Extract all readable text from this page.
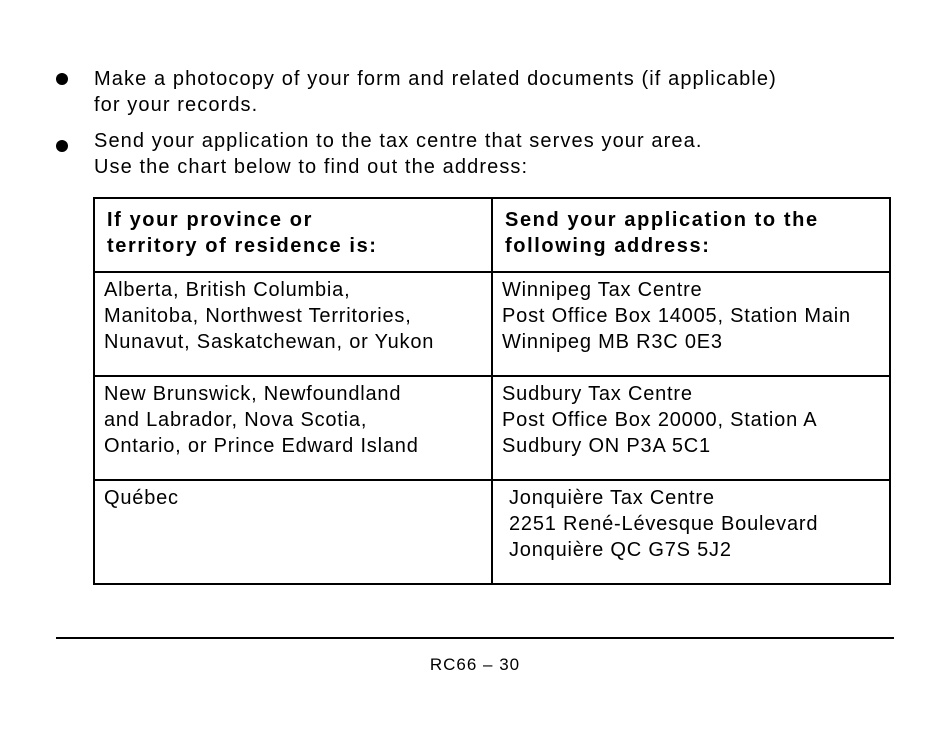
Make a photocopy of your form and related documents (if applicable)
for your records.
Send your application to the tax centre that serves your area.
Use the chart below to find out the address:
If your province or
territory of residence is:	Send your application to the
following address:

Alberta, British Columbia,
Manitoba, Northwest Territories,
Nunavut, Saskatchewan, or Yukon	Winnipeg Tax Centre
Post Office Box 14005, Station Main
Winnipeg MB R3C 0E3

New Brunswick, Newfoundland
and Labrador, Nova Scotia,
Ontario, or Prince Edward Island	Sudbury Tax Centre
Post Office Box 20000, Station A
Sudbury ON P3A 5C1

Québec	Jonquière Tax Centre
2251 René-Lévesque Boulevard
Jonquière QC G7S 5J2
RC66 – 30
